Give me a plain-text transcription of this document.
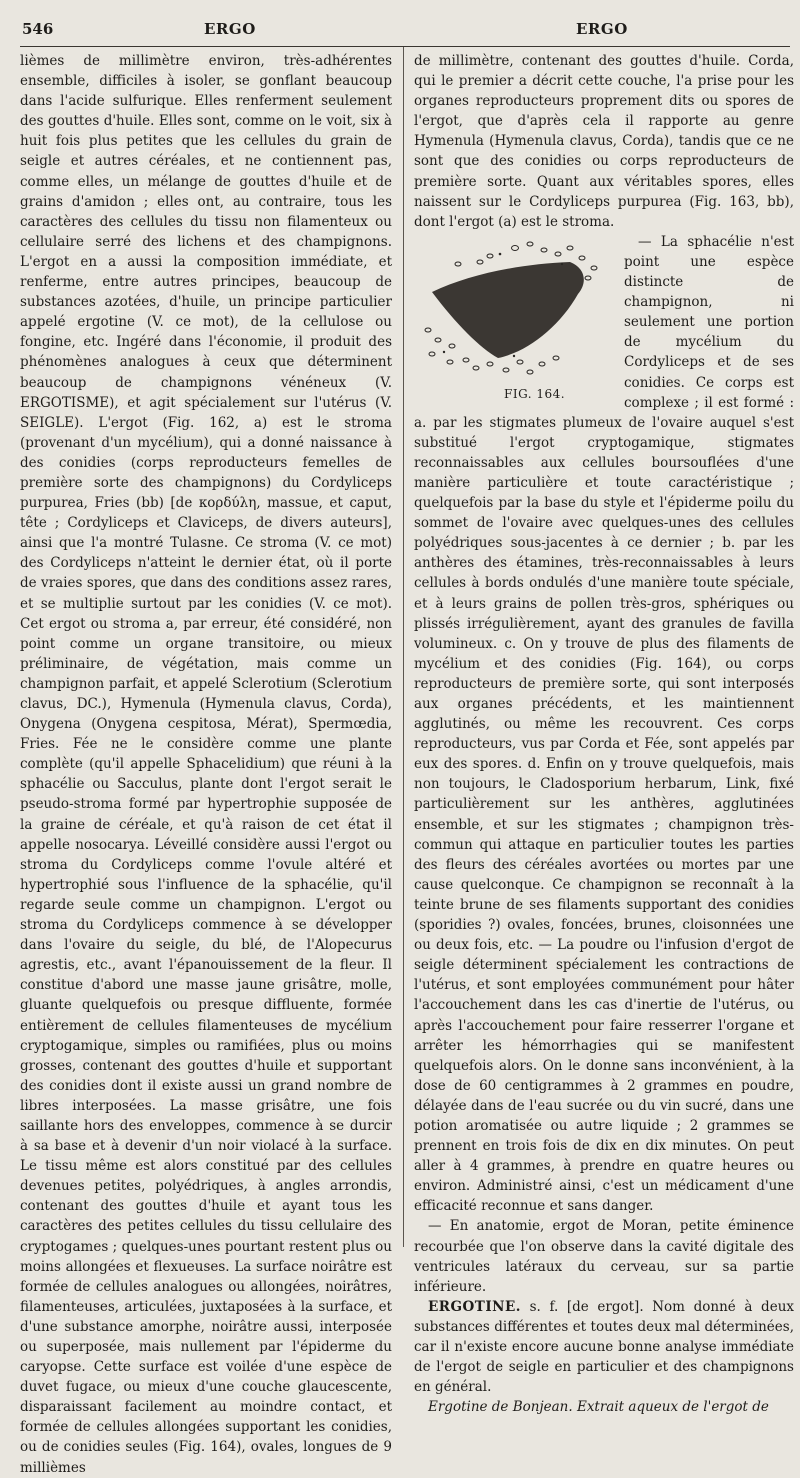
546	ERGO	ERGO

lièmes de millimètre environ, très-adhérentes ensemble, difficiles à isoler, se gonflant beaucoup dans l'acide sulfurique. Elles renferment seulement des gouttes d'huile. Elles sont, comme on le voit, six à huit fois plus petites que les cellules du grain de seigle et autres céréales, et ne contiennent pas, comme elles, un mélange de gouttes d'huile et de grains d'amidon ; elles ont, au contraire, tous les caractères des cellules du tissu non filamenteux ou cellulaire serré des lichens et des champignons. L'ergot en a aussi la composition immédiate, et renferme, entre autres principes, beaucoup de substances azotées, d'huile, un principe particulier appelé ergotine (V. ce mot), de la cellulose ou fongine, etc. Ingéré dans l'économie, il produit des phénomènes analogues à ceux que déterminent beaucoup de champignons vénéneux (V. ERGOTISME), et agit spécialement sur l'utérus (V. SEIGLE). L'ergot (Fig. 162, a) est le stroma (provenant d'un mycélium), qui a donné naissance à des conidies (corps reproducteurs femelles de première sorte des champignons) du Cordyliceps purpurea, Fries (bb) [de κορδύλη, massue, et caput, tête ; Cordyliceps et Claviceps, de divers auteurs], ainsi que l'a montré Tulasne. Ce stroma (V. ce mot) des Cordyliceps n'atteint le dernier état, où il porte de vraies spores, que dans des conditions assez rares, et se multiplie surtout par les conidies (V. ce mot). Cet ergot ou stroma a, par erreur, été considéré, non point comme un organe transitoire, ou mieux préliminaire, de végétation, mais comme un champignon parfait, et appelé Sclerotium (Sclerotium clavus, DC.), Hymenula (Hymenula clavus, Corda), Onygena (Onygena cespitosa, Mérat), Spermœdia, Fries. Fée ne le considère comme une plante complète (qu'il appelle Sphacelidium) que réuni à la sphacélie ou Sacculus, plante dont l'ergot serait le pseudo-stroma formé par hypertrophie supposée de la graine de céréale, et qu'à raison de cet état il appelle nosocarya. Léveillé considère aussi l'ergot ou stroma du Cordyliceps comme l'ovule altéré et hypertrophié sous l'influence de la sphacélie, qu'il regarde seule comme un champignon. L'ergot ou stroma du Cordyliceps commence à se développer dans l'ovaire du seigle, du blé, de l'Alopecurus agrestis, etc., avant l'épanouissement de la fleur. Il constitue d'abord une masse jaune grisâtre, molle, gluante quelquefois ou presque diffluente, formée entièrement de cellules filamenteuses de mycélium cryptogamique, simples ou ramifiées, plus ou moins grosses, contenant des gouttes d'huile et supportant des conidies dont il existe aussi un grand nombre de libres interposées. La masse grisâtre, une fois saillante hors des enveloppes, commence à se durcir à sa base et à devenir d'un noir violacé à la surface. Le tissu même est alors constitué par des cellules devenues petites, polyédriques, à angles arrondis, contenant des gouttes d'huile et ayant tous les caractères des petites cellules du tissu cellulaire des cryptogames ; quelques-unes pourtant restent plus ou moins allongées et flexueuses. La surface noirâtre est formée de cellules analogues ou allongées, noirâtres, filamenteuses, articulées, juxtaposées à la surface, et d'une substance amorphe, noirâtre aussi, interposée ou superposée, mais nullement par l'épiderme du caryopse. Cette surface est voilée d'une espèce de duvet fugace, ou mieux d'une couche glaucescente, disparaissant facilement au moindre contact, et formée de cellules allongées supportant les conidies, ou de conidies seules (Fig. 164), ovales, longues de 9 millièmes

de millimètre, contenant des gouttes d'huile. Corda, qui le premier a décrit cette couche, l'a prise pour les organes reproducteurs proprement dits ou spores de l'ergot, que d'après cela il rapporte au genre Hymenula (Hymenula clavus, Corda), tandis que ce ne sont que des conidies ou corps reproducteurs de première sorte. Quant aux véritables spores, elles naissent sur le Cordyliceps purpurea (Fig. 163, bb), dont l'ergot (a) est le stroma.

FIG. 164.
— La sphacélie n'est point une espèce distincte de champignon, ni seulement une portion de mycélium du Cordyliceps et de ses conidies. Ce corps est complexe ; il est formé : a. par les stigmates plumeux de l'ovaire auquel s'est substitué l'ergot cryptogamique, stigmates reconnaissables aux cellules boursouflées d'une manière particulière et toute caractéristique ; quelquefois par la base du style et l'épiderme poilu du sommet de l'ovaire avec quelques-unes des cellules polyédriques sous-jacentes à ce dernier ; b. par les anthères des étamines, très-reconnaissables à leurs cellules à bords ondulés d'une manière toute spéciale, et à leurs grains de pollen très-gros, sphériques ou plissés irrégulièrement, ayant des granules de favilla volumineux. c. On y trouve de plus des filaments de mycélium et des conidies (Fig. 164), ou corps reproducteurs de première sorte, qui sont interposés aux organes précédents, et les maintiennent agglutinés, ou même les recouvrent. Ces corps reproducteurs, vus par Corda et Fée, sont appelés par eux des spores. d. Enfin on y trouve quelquefois, mais non toujours, le Cladosporium herbarum, Link, fixé particulièrement sur les anthères, agglutinées ensemble, et sur les stigmates ; champignon très-commun qui attaque en particulier toutes les parties des fleurs des céréales avortées ou mortes par une cause quelconque. Ce champignon se reconnaît à la teinte brune de ses filaments supportant des conidies (sporidies ?) ovales, foncées, brunes, cloisonnées une ou deux fois, etc. — La poudre ou l'infusion d'ergot de seigle déterminent spécialement les contractions de l'utérus, et sont employées communément pour hâter l'accouchement dans les cas d'inertie de l'utérus, ou après l'accouchement pour faire resserrer l'organe et arrêter les hémorrhagies qui se manifestent quelquefois alors. On le donne sans inconvénient, à la dose de 60 centigrammes à 2 grammes en poudre, délayée dans de l'eau sucrée ou du vin sucré, dans une potion aromatisée ou autre liquide ; 2 grammes se prennent en trois fois de dix en dix minutes. On peut aller à 4 grammes, à prendre en quatre heures ou environ. Administré ainsi, c'est un médicament d'une efficacité reconnue et sans danger.

— En anatomie, ergot de Moran, petite éminence recourbée que l'on observe dans la cavité digitale des ventricules latéraux du cerveau, sur sa partie inférieure.

ERGOTINE. s. f. [de ergot]. Nom donné à deux substances différentes et toutes deux mal déterminées, car il n'existe encore aucune bonne analyse immédiate de l'ergot de seigle en particulier et des champignons en général.

Ergotine de Bonjean. Extrait aqueux de l'ergot de
